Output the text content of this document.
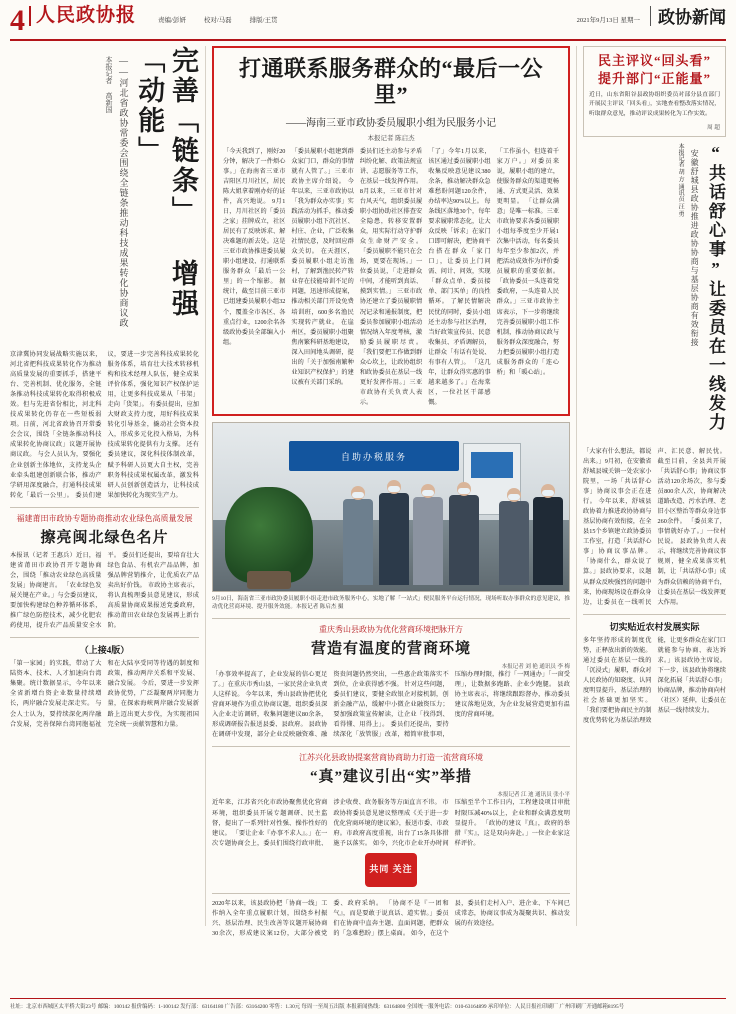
4 人民政协报	责编/彭妍	校对/马磊	排版/王贯	2021年9月13日 星期一	政协新闻
完善「链条」 增强「动能」
——河北省政协常委会围绕全链条推动科技成果转化协商议政
本报记者 高新国
京津冀协同发展战略实施以来，河北省把科技成果转化作为推动高质量发展的重要抓手，搭建平台、完善机制、优化服务，全链条推动科技成果转化取得积极成效。但与先进省份相比，河北科技成果转化仍存在一些短板弱项。日前，河北省政协召开常委会会议，围绕「全链条推动科技成果转化协商议政」议题开展协商议政。 与会人员认为，要强化企业创新主体地位，支持龙头企业牵头组建创新联合体，推动产学研用深度融合，打通科技成果转化「最后一公里」。 委员们建议，要进一步完善科技成果转化服务体系，培育壮大技术转移机构和技术经理人队伍，健全成果评价体系，强化知识产权保护运用，让更多科技成果从「书架」走向「货架」。 有委员提出，应加大财政支持力度，用好科技成果转化引导基金，撬动社会资本投入，形成多元化投入格局，为科技成果转化提供有力支撑。 还有委员建议，深化科技体制改革，赋予科研人员更大自主权，完善职务科技成果权属改革，激发科研人员创新创造活力，让科技成果加快转化为现实生产力。
福建莆田市政协专题协商推动农业绿色高质量发展
擦亮闽北绿色名片
本报讯（记者 王惠兵）近日，福建省莆田市政协召开专题协商会，围绕「推动农业绿色高质量发展」协商建言。 「农业绿色发展关键在产业。」与会委员建议，要加快构建绿色种养循环体系，推广绿色防控技术，减少化肥农药使用，提升农产品质量安全水平。 委员们还提出，要培育壮大绿色食品、有机农产品品牌，加强品牌营销推介，让优质农产品卖出好价钱。 市政协主席表示，将认真梳理委员意见建议，形成高质量协商成果报送党委政府，推动莆田农业绿色发展再上新台阶。
（上接4版）
「第一家园」的实践，带动了大陆资本、技术、人才加速向台湾集聚。统计数据显示，今年以来全省新增台资企业数量持续增长，两岸融合发展走深走实。 与会人士认为，要持续深化两岸融合发展，完善保障台湾同胞福祉和在大陆享受同等待遇的制度和政策，推动两岸关系和平发展、融合发展。 今后，要进一步发挥政协优势，广泛凝聚两岸同胞力量，在探索海峡两岸融合发展新路上迈出更大步伐，为实现祖国完全统一贡献智慧和力量。
打通联系服务群众的“最后一公里”
——海南三亚市政协委员履职小组为民服务小记
本报记者 陈启杰
「今天我到了，刚好20分钟，解决了一件烦心事。」在海南省三亚市吉阳区月川社区，居民陈大姐拿着刚办好的证件，高兴地说。 9月1日，月川社区的「委员之家」挂牌成立，社区居民有了反映诉求、解决难题的新去处。这是三亚市政协推进委员履职小组建设、打通联系服务群众「最后一公里」的一个缩影。 据统计，截至目前三亚市已组建委员履职小组32个，覆盖全市各区、各重点行业，1200余名各级政协委员全部编入小组。
「委员履职小组建到群众家门口，群众的事情就有人管了。」三亚市政协主席介绍说。 今年以来，三亚市政协以「我为群众办实事」实践活动为抓手，推动委员履职小组下沉社区、村庄、企业，广泛收集社情民意，及时回应群众关切。 在天涯区，委员履职小组走访渔村，了解到渔民转产转业存在技能培训不足的问题，迅速形成提案，推动相关部门开设免费培训班，600多名渔民实现转产就业。 在崖州区，委员履职小组聚焦南繁科研基地建设，深入田间地头调研，提出的「关于加强南繁种业知识产权保护」的建议被有关部门采纳。
委员们还主动参与矛盾纠纷化解、政策法规宣讲、志愿服务等工作，在基层一线发挥作用。 8月以来，三亚市针对台风天气，组织委员履职小组协助社区排查安全隐患，转移安置群众，用实际行动守护群众生命财产安全。 「委员履职不能只在会场，更要在现场。」一位委员说，「走进群众中间，才能听到真话、摸到实情。」 三亚市政协还建立了委员履职情况记录和通报制度，把委员参加履职小组活动情况纳入年度考核，激励委员履职尽责。 「我们要把工作做到群众心坎上，让政协组织和政协委员在基层一线更好发挥作用。」三亚市政协有关负责人表示。
「了」今年1月以来，该区通过委员履职小组收集反映意见建议380余条，推动解决群众急难愁盼问题120余件，办结率达90%以上。 每条线区落地30个，每年要求履职常态化，让大众反映「诉求」在家门口即可解决，把协商平台搭在群众「家门口」，让委员上门问需、问计、问效，实现「群众点单、委员接单、部门买单」的良性循环。 了解民情解决民忧的同时，委员小组还主动参与社区治理，当好政策宣传员、民意收集员、矛盾调解员，让群众「有话有处说、有事有人管」。 「这几年，让群众得实惠的事越来越多了。」在海棠区，一位社区干部感慨。
「工作虽小，但连着千家万户。」对委员来说，履职小组的建立，使服务群众的渠道更畅通、方式更灵活、效果更明显。 「让群众满意」是唯一标准。三亚市政协要求各委员履职小组每季度至少开展1次集中活动，每名委员每年至少参加2次，并把活动成效作为评价委员履职的重要依据。 「政协委员一头连着党委政府，一头连着人民群众。」三亚市政协主席表示，下一步将继续完善委员履职小组工作机制，推动协商议政与服务群众深度融合，努力把委员履职小组打造成服务群众的「连心桥」和「暖心站」。
自助办税服务
9月10日，海南省三亚市政协委员履职小组走进市政务服务中心，实地了解「一站式」便民服务平台运行情况，现场听取办事群众的意见建议，推动优化营商环境、提升服务效能。本报记者 陈启杰 摄
重庆秀山县政协为优化营商环境把脉开方
营造有温度的营商环境
本报记者 刘 艳 通讯员 李 梅
「办事效率提高了，企业发展的信心更足了。」在重庆市秀山县，一家民营企业负责人这样说。 今年以来，秀山县政协把优化营商环境作为重点协商议题，组织委员深入企业走访调研，收集问题建议80余条，形成调研报告报送县委、县政府。 县政协在调研中发现，部分企业反映融资难、融资贵问题仍然突出，一些惠企政策落实不到位，企业获得感不强。 针对这些问题，委员们建议，要健全政银企对接机制，创新金融产品，缓解中小微企业融资压力；要加强政策宣传解读，让企业「找得到、看得懂、用得上」。 委员们还提出，要持续深化「放管服」改革，精简审批事项，压缩办理时限，推行「一网通办」「一窗受理」，让数据多跑路、企业少跑腿。 县政协主席表示，将继续跟踪督办，推动委员建议落地见效，为企业发展营造更加有温度的营商环境。
江苏兴化县政协提案营商协商助力打造一流营商环境
“真”建议引出“实”举措
本报记者 江 迪 通讯员 张小平
近年来，江苏省兴化市政协聚焦优化营商环境，组织委员开展专题调研、民主监督，提出了一系列针对性强、操作性好的建议。 「要让企业『办事不求人』。」在一次专题协商会上，委员们围绕行政审批、涉企收费、政务服务等方面直言不讳。 市政协将委员意见建议整理成《关于进一步优化营商环境的建议案》，报送市委、市政府。市政府高度重视，出台了15条具体措施予以落实。 如今，兴化市企业开办时间压缩至半个工作日内，工程建设项目审批时限压减40%以上，企业和群众满意度明显提升。 「政协的建议『真』，政府的举措『实』，这是双向奔赴。」一位企业家这样评价。
共同 关注
2020年以来，该县政协把「协商一线」工作纳入全年重点履职计划，围绕乡村振兴、基层治理、民生改善等议题开展协商30余次，形成建议案12份，大部分被党委、政府采纳。 「协商不是『一团和气』，而是要敢于说真话、道实情。」委员们在协商中直奔主题、直面问题，把群众的「急难愁盼」摆上桌面。 如今，在这个县，委员们走村入户、进企业、下车间已成常态，协商议事成为凝聚共识、推动发展的有效途径。
民主评议“回头看” 提升部门“正能量”
近日，山东省阳谷县政协组织委员对部分县直部门开展民主评议「回头看」，实地查看整改落实情况，听取群众意见，推动评议成果转化为工作实效。
周 超
“共话舒心事”让委员在一线发力
安徽舒城县政协推进政协协商与基层协商有效衔接
本报记者 胡 方 通讯员 汪 勇
「大家有什么想法，都说出来。」9月初，在安徽省舒城县城关镇一处农家小院里，一场「共话舒心事」协商议事会正在进行。 今年以来，舒城县政协着力推进政协协商与基层协商有效衔接，在全县15个乡镇建立政协委员工作室，打造「共话舒心事」协商议事品牌。 「协商什么，群众说了算。」县政协要求，议题从群众反映强烈的问题中来，协商现场设在群众身边，让委员在一线听民声、汇民意、解民忧。 截至目前，全县共开展「共话舒心事」协商议事活动120余场次，参与委员800余人次，协商解决道路改造、污水治理、老旧小区整治等群众身边事260余件。 「委员来了，事情就好办了。」一位村民说。 县政协负责人表示，将继续完善协商议事规则，健全成果落实机制，让「共话舒心事」成为群众信赖的协商平台，让委员在基层一线发挥更大作用。
切实贴近农村发展实际
多年坚持形成的制度优势，正释放出新的效能。通过委员在基层一线的「沉浸式」履职，群众对人民政协的知晓度、认同度明显提升，基层治理的社会基础更加坚实。 「我们要把协商民主的制度优势转化为基层治理效能，让更多群众在家门口就能参与协商、表达诉求。」该县政协主席说。 下一步，该县政协将继续深化拓展「共话舒心事」协商品牌，推动协商向村（社区）延伸，让委员在基层一线持续发力。
社址：北京市西城区太平桥大街23号 邮编：100142 报价编码：1-100142 发行部：63164180 广告部：63164200 零售：1.30元 每周一至周五出版 本报新闻热线：63164800 全国统一服务电话：010-63164899 承印单位：人民日报社印刷厂 广州印刷厂开通邮箱8195号
